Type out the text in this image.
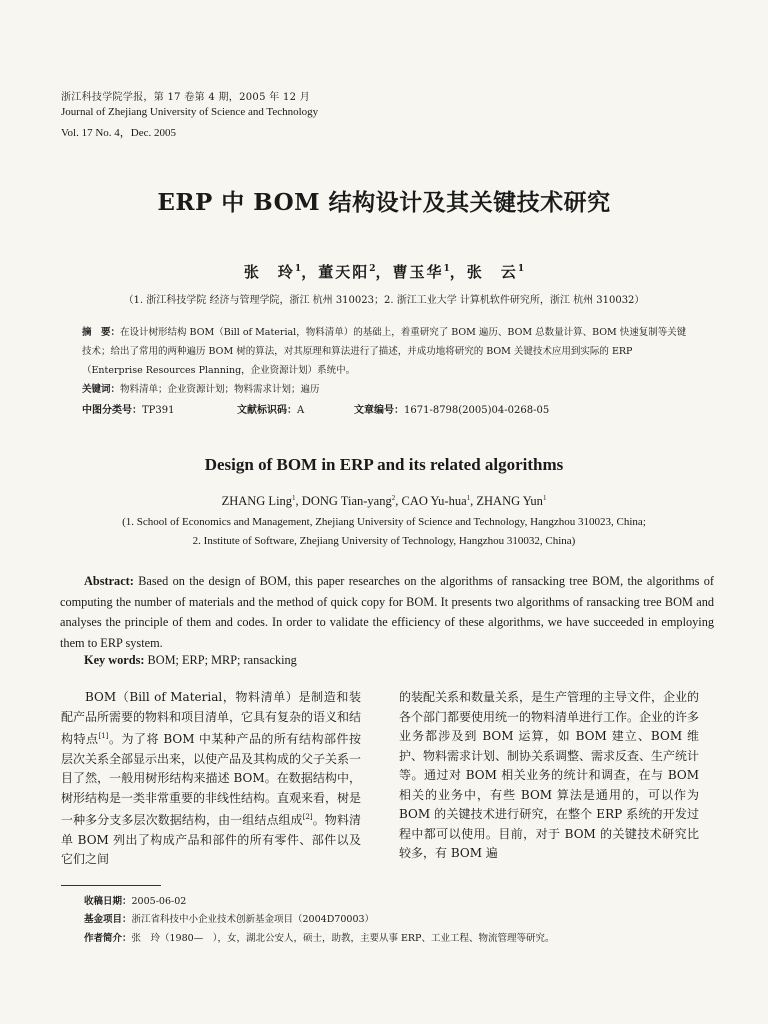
浙江科技学院学报，第 17 卷第 4 期，2005 年 12 月
Journal of Zhejiang University of Science and Technology
Vol. 17 No. 4，Dec. 2005
ERP 中 BOM 结构设计及其关键技术研究
张　玲$^1$，董天阳$^2$，曹玉华$^1$，张　云$^1$
（1. 浙江科技学院 经济与管理学院，浙江 杭州 310023；2. 浙江工业大学 计算机软件研究所，浙江 杭州 310032）
摘　要：在设计树形结构 BOM（Bill of Material，物料清单）的基础上，着重研究了 BOM 遍历、BOM 总数量计算、BOM 快速复制等关键技术；给出了常用的两种遍历 BOM 树的算法，对其原理和算法进行了描述，并成功地将研究的 BOM 关键技术应用到实际的 ERP（Enterprise Resources Planning，企业资源计划）系统中。
关键词：物料清单；企业资源计划；物料需求计划；遍历
中图分类号：TP391	文献标识码：A	文章编号：1671-8798(2005)04-0268-05
Design of BOM in ERP and its related algorithms
ZHANG Ling$^1$, DONG Tian-yang$^2$, CAO Yu-hua$^1$, ZHANG Yun$^1$
(1. School of Economics and Management, Zhejiang University of Science and Technology, Hangzhou 310023, China;
2. Institute of Software, Zhejiang University of Technology, Hangzhou 310032, China)
Abstract: Based on the design of BOM, this paper researches on the algorithms of ransacking tree BOM, the algorithms of computing the number of materials and the method of quick copy for BOM. It presents two algorithms of ransacking tree BOM and analyses the principle of them and codes. In order to validate the efficiency of these algorithms, we have succeeded in employing them to ERP system.
Key words: BOM; ERP; MRP; ransacking
BOM（Bill of Material，物料清单）是制造和装配产品所需要的物料和项目清单，它具有复杂的语义和结构特点[1]。为了将 BOM 中某种产品的所有结构部件按层次关系全部显示出来，以使产品及其构成的父子关系一目了然，一般用树形结构来描述 BOM。在数据结构中，树形结构是一类非常重要的非线性结构。直观来看，树是一种多分支多层次数据结构，由一组结点组成[2]。物料清单 BOM 列出了构成产品和部件的所有零件、部件以及它们之间
的装配关系和数量关系，是生产管理的主导文件，企业的各个部门都要使用统一的物料清单进行工作。企业的许多业务都涉及到 BOM 运算，如 BOM 建立、BOM 维护、物料需求计划、制协关系调整、需求反查、生产统计等。通过对 BOM 相关业务的统计和调查，在与 BOM 相关的业务中，有些 BOM 算法是通用的，可以作为 BOM 的关键技术进行研究，在整个 ERP 系统的开发过程中都可以使用。目前，对于 BOM 的关键技术研究比较多，有 BOM 遍
收稿日期：2005-06-02
基金项目：浙江省科技中小企业技术创新基金项目（2004D70003）
作者简介：张　玲（1980—　），女，湖北公安人，硕士，助教，主要从事 ERP、工业工程、物流管理等研究。
